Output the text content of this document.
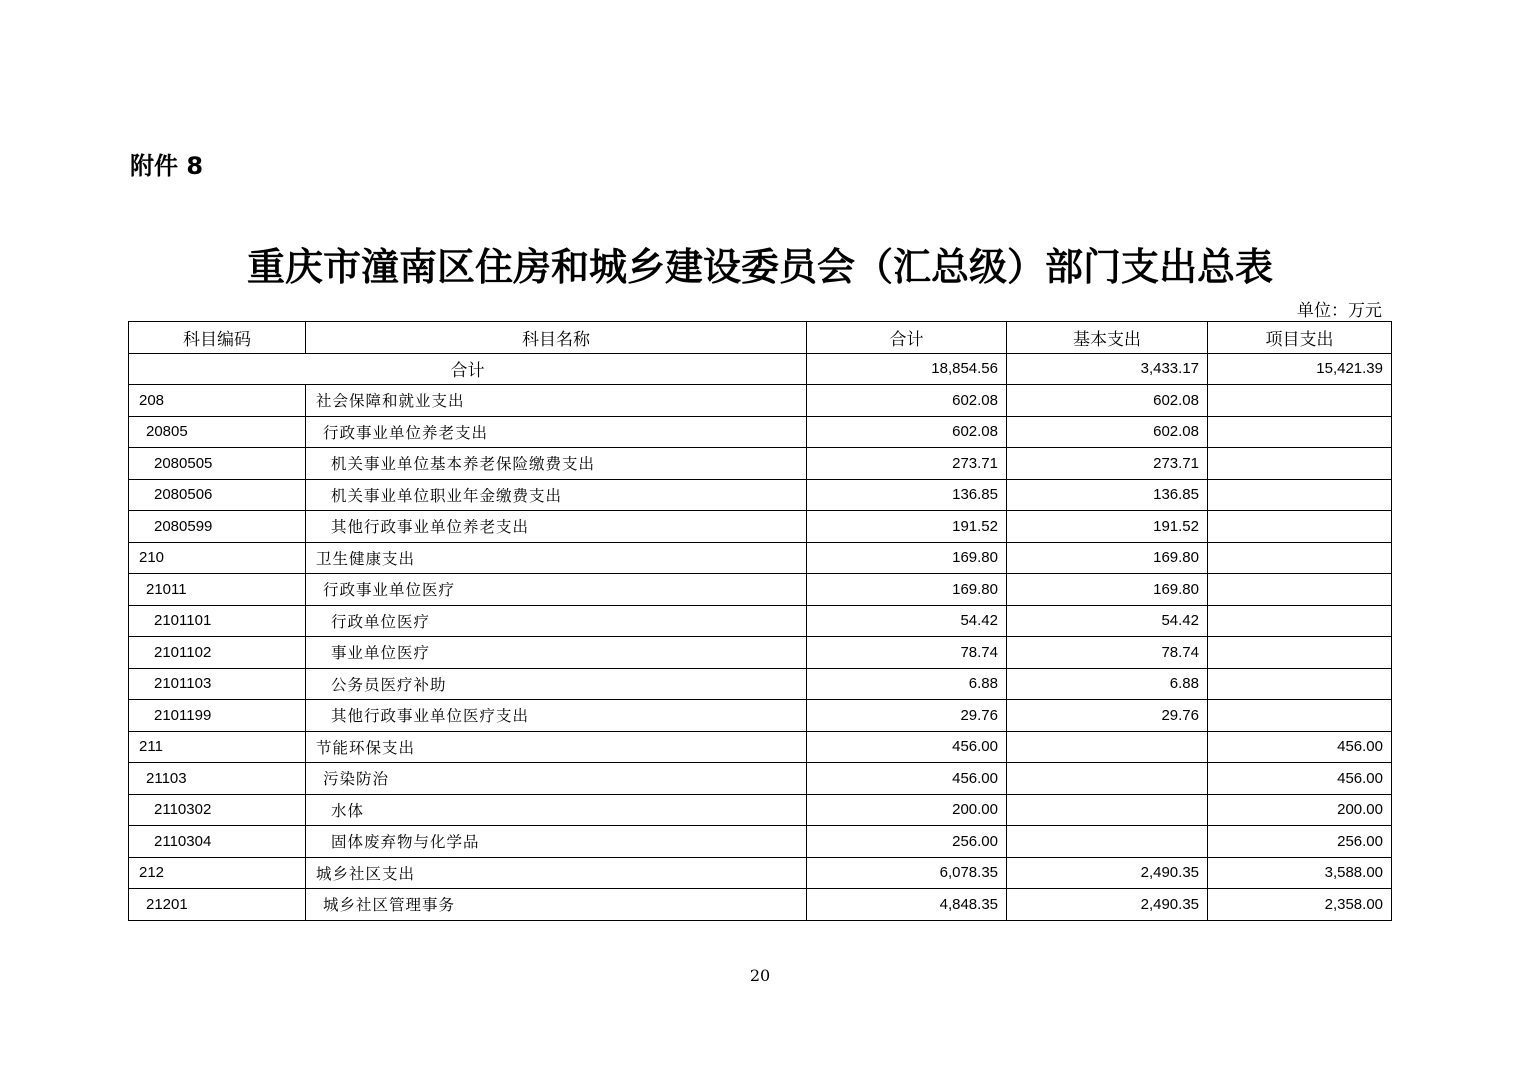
附件 8
重庆市潼南区住房和城乡建设委员会（汇总级）部门支出总表
单位：万元
科目编码	科目名称	合计	基本支出	项目支出
合计		18,854.56	3,433.17	15,421.39
208	社会保障和就业支出	602.08	602.08	
20805	行政事业单位养老支出	602.08	602.08	
2080505	机关事业单位基本养老保险缴费支出	273.71	273.71	
2080506	机关事业单位职业年金缴费支出	136.85	136.85	
2080599	其他行政事业单位养老支出	191.52	191.52	
210	卫生健康支出	169.80	169.80	
21011	行政事业单位医疗	169.80	169.80	
2101101	行政单位医疗	54.42	54.42	
2101102	事业单位医疗	78.74	78.74	
2101103	公务员医疗补助	6.88	6.88	
2101199	其他行政事业单位医疗支出	29.76	29.76	
211	节能环保支出	456.00		456.00
21103	污染防治	456.00		456.00
2110302	水体	200.00		200.00
2110304	固体废弃物与化学品	256.00		256.00
212	城乡社区支出	6,078.35	2,490.35	3,588.00
21201	城乡社区管理事务	4,848.35	2,490.35	2,358.00
20
